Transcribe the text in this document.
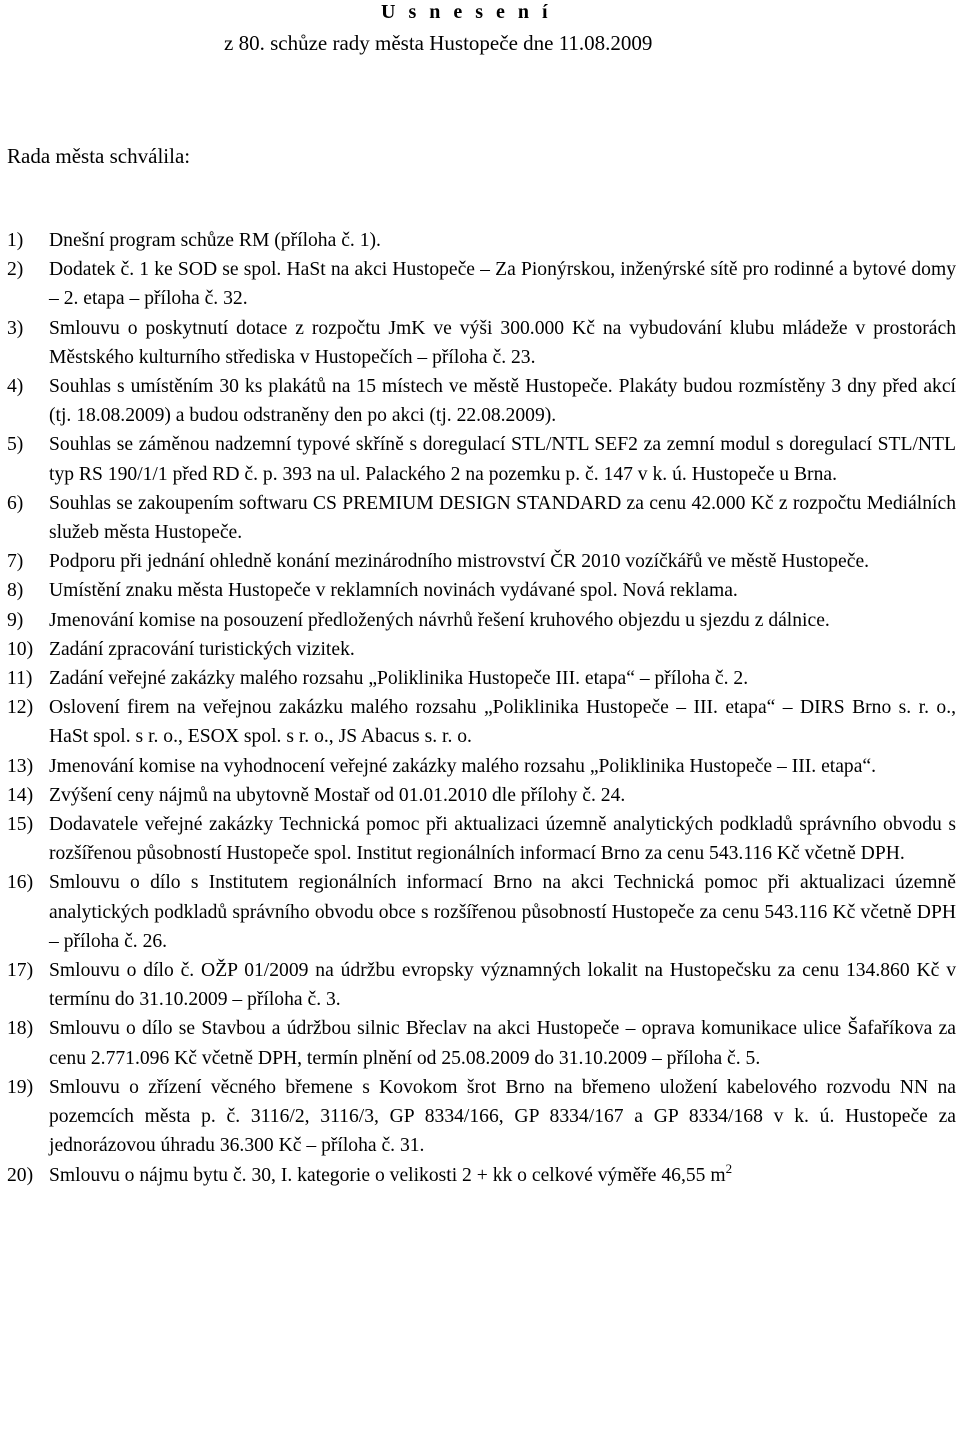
U s n e s e n í

z 80. schůze rady města Hustopeče dne 11.08.2009

Rada města schválila:

1) Dnešní program schůze RM (příloha č. 1).
2) Dodatek č. 1 ke SOD se spol. HaSt na akci Hustopeče – Za Pionýrskou, inženýrské sítě pro rodinné a bytové domy – 2. etapa – příloha č. 32.
3) Smlouvu o poskytnutí dotace z rozpočtu JmK ve výši 300.000 Kč na vybudování klubu mládeže v prostorách Městského kulturního střediska v Hustopečích – příloha č. 23.
4) Souhlas s umístěním 30 ks plakátů na 15 místech ve městě Hustopeče. Plakáty budou rozmístěny 3 dny před akcí (tj. 18.08.2009) a budou odstraněny den po akci (tj. 22.08.2009).
5) Souhlas se záměnou nadzemní typové skříně s doregulací STL/NTL SEF2 za zemní modul s doregulací STL/NTL typ RS 190/1/1 před RD č. p. 393 na ul. Palackého 2 na pozemku p. č. 147 v k. ú. Hustopeče u Brna.
6) Souhlas se zakoupením softwaru CS PREMIUM DESIGN STANDARD za cenu 42.000 Kč z rozpočtu Mediálních služeb města Hustopeče.
7) Podporu při jednání ohledně konání mezinárodního mistrovství ČR 2010 vozíčkářů ve městě Hustopeče.
8) Umístění znaku města Hustopeče v reklamních novinách vydávané spol. Nová reklama.
9) Jmenování komise na posouzení předložených návrhů řešení kruhového objezdu u sjezdu z dálnice.
10) Zadání zpracování turistických vizitek.
11) Zadání veřejné zakázky malého rozsahu „Poliklinika Hustopeče III. etapa“ – příloha č. 2.
12) Oslovení firem na veřejnou zakázku malého rozsahu „Poliklinika Hustopeče – III. etapa“ – DIRS Brno s. r. o., HaSt spol. s r. o., ESOX spol. s r. o., JS Abacus s. r. o.
13) Jmenování komise na vyhodnocení veřejné zakázky malého rozsahu „Poliklinika Hustopeče – III. etapa“.
14) Zvýšení ceny nájmů na ubytovně Mostař od 01.01.2010 dle přílohy č. 24.
15) Dodavatele veřejné zakázky Technická pomoc při aktualizaci územně analytických podkladů správního obvodu s rozšířenou působností Hustopeče spol. Institut regionálních informací Brno za cenu 543.116 Kč včetně DPH.
16) Smlouvu o dílo s Institutem regionálních informací Brno na akci Technická pomoc při aktualizaci územně analytických podkladů správního obvodu obce s rozšířenou působností Hustopeče za cenu 543.116 Kč včetně DPH – příloha č. 26.
17) Smlouvu o dílo č. OŽP 01/2009 na údržbu evropsky významných lokalit na Hustopečsku za cenu 134.860 Kč v termínu do 31.10.2009 – příloha č. 3.
18) Smlouvu o dílo se Stavbou a údržbou silnic Břeclav na akci Hustopeče – oprava komunikace ulice Šafaříkova za cenu 2.771.096 Kč včetně DPH, termín plnění od 25.08.2009 do 31.10.2009 – příloha č. 5.
19) Smlouvu o zřízení věcného břemene s Kovokom šrot Brno na břemeno uložení kabelového rozvodu NN na pozemcích města p. č. 3116/2, 3116/3, GP 8334/166, GP 8334/167 a GP 8334/168 v k. ú. Hustopeče za jednorázovou úhradu 36.300 Kč – příloha č. 31.
20) Smlouvu o nájmu bytu č. 30, I. kategorie o velikosti 2 + kk o celkové výměře 46,55 $m^2$
